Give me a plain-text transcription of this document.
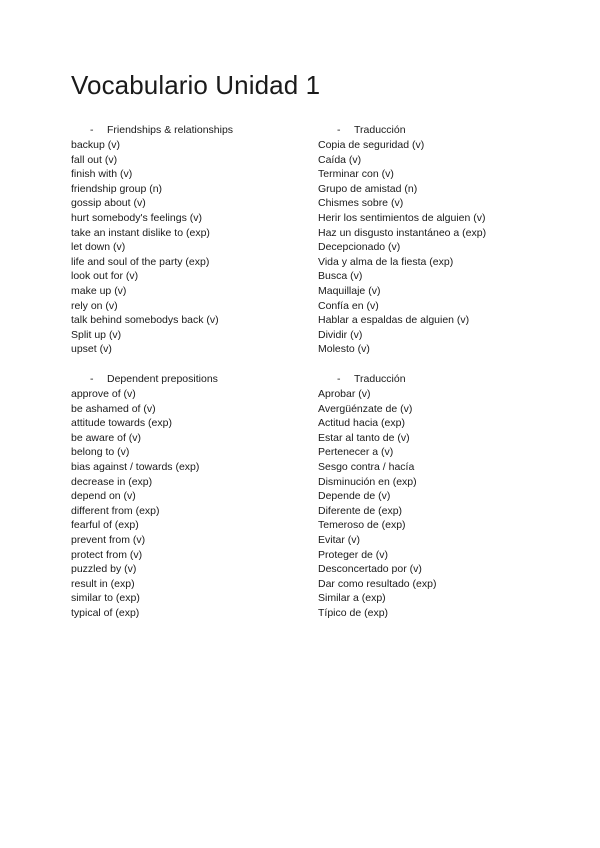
Vocabulario Unidad 1
- Friendships & relationships
backup (v)
fall out (v)
finish with (v)
friendship group (n)
gossip about (v)
hurt somebody's feelings (v)
take an instant dislike to (exp)
let down (v)
life and soul of the party (exp)
look out for (v)
make up (v)
rely on (v)
talk behind somebodys back (v)
Split up (v)
upset (v)
- Traducción
Copia de seguridad (v)
Caída (v)
Terminar con (v)
Grupo de amistad (n)
Chismes sobre (v)
Herir los sentimientos de alguien (v)
Haz un disgusto instantáneo a (exp)
Decepcionado (v)
Vida y alma de la fiesta (exp)
Busca (v)
Maquillaje (v)
Confía en (v)
Hablar a espaldas de alguien (v)
Dividir (v)
Molesto (v)
- Dependent prepositions
approve of (v)
be ashamed of (v)
attitude towards (exp)
be aware of (v)
belong to (v)
bias against / towards (exp)
decrease in (exp)
depend on (v)
different from (exp)
fearful of (exp)
prevent from (v)
protect from (v)
puzzled by (v)
result in (exp)
similar to (exp)
typical of (exp)
- Traducción
Aprobar (v)
Avergüénzate de (v)
Actitud hacia (exp)
Estar al tanto de (v)
Pertenecer a (v)
Sesgo contra / hacía
Disminución en (exp)
Depende de (v)
Diferente de (exp)
Temeroso de (exp)
Evitar (v)
Proteger de (v)
Desconcertado por (v)
Dar como resultado (exp)
Similar a (exp)
Típico de (exp)
